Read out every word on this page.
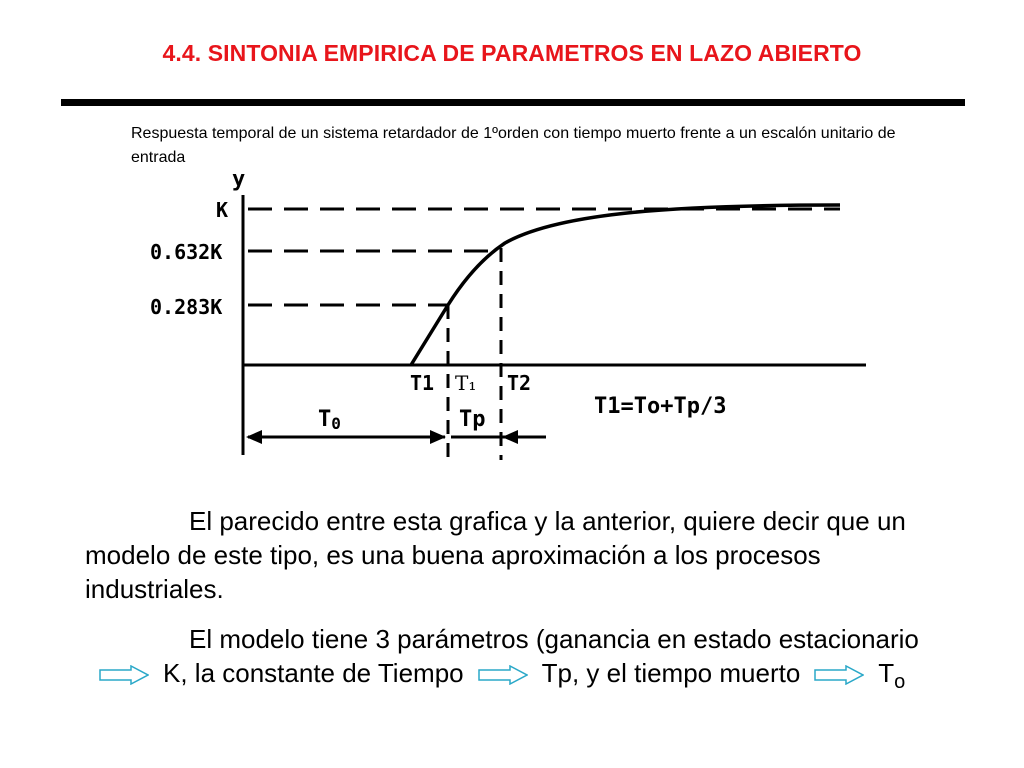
4.4. SINTONIA EMPIRICA DE PARAMETROS EN LAZO ABIERTO
Respuesta temporal de un sistema retardador de 1ºorden con tiempo muerto frente a un escalón unitario de entrada
y
K
0.632K
0.283K
T1 T₁ T2
T0	Tp
T1=To+Tp/3
El parecido entre esta grafica y la anterior, quiere decir que un modelo de este tipo, es una buena aproximación a los procesos industriales.
El modelo tiene 3 parámetros (ganancia en estado estacionarioK, la constante de Tiempo	Tp, y el tiempo muerto	$T_o$
